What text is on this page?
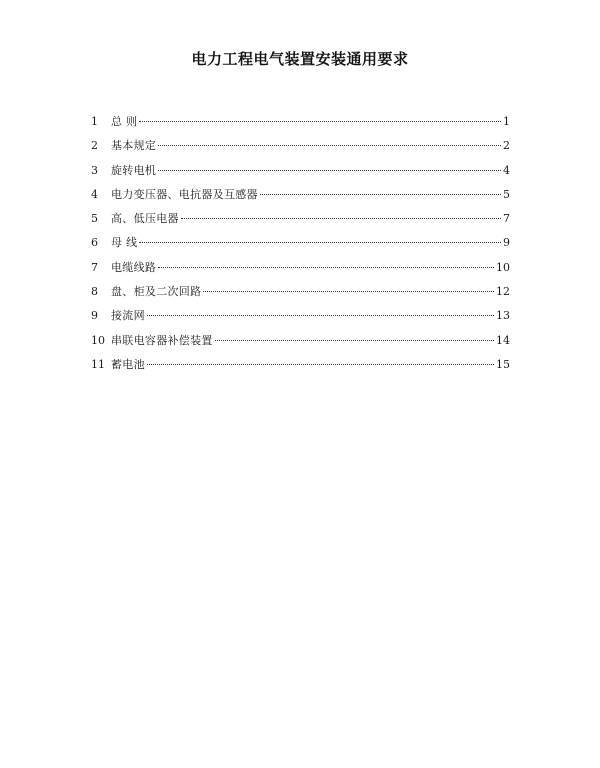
电力工程电气装置安装通用要求
1	总 则	1
2	基本规定	2
3	旋转电机	4
4	电力变压器、电抗器及互感器	5
5	高、低压电器	7
6	母 线	9
7	电缆线路	10
8	盘、柜及二次回路	12
9	接流网	13
10 串联电容器补偿装置	14
11 蓄电池	15
